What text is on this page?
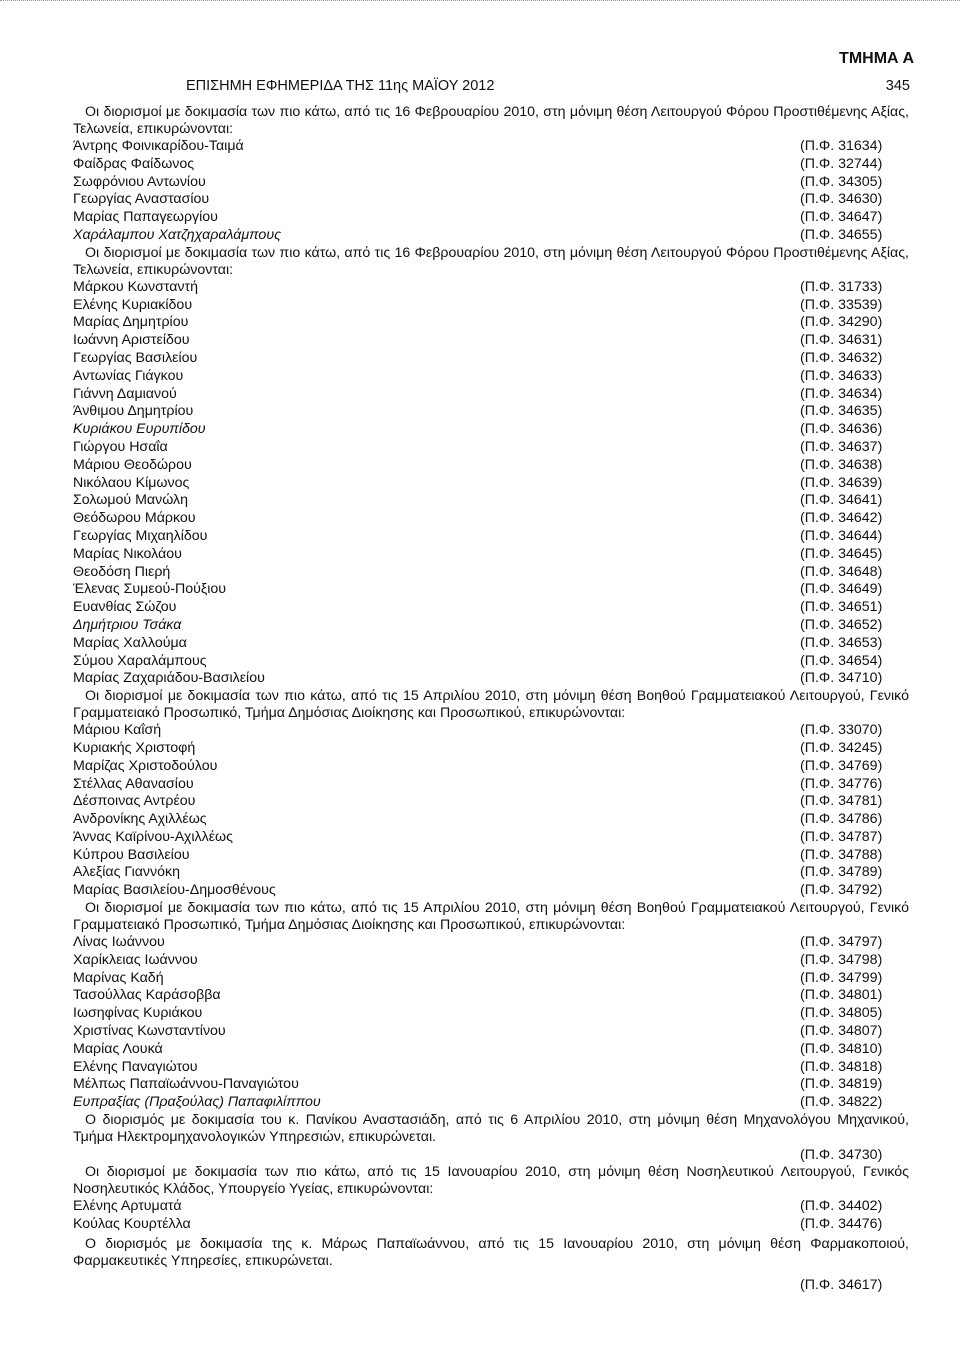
ΤΜΗΜΑ Α
ΕΠΙΣΗΜΗ ΕΦΗΜΕΡΙΔΑ ΤΗΣ 11ης ΜΑΪΟΥ 2012	345
Οι διορισμοί με δοκιμασία των πιο κάτω, από τις 16 Φεβρουαρίου 2010, στη μόνιμη θέση Λειτουργού Φόρου Προστιθέμενης Αξίας, Τελωνεία, επικυρώνονται:
Άντρης Φοινικαρίδου-Ταιμά	(Π.Φ. 31634)
Φαίδρας Φαίδωνος	(Π.Φ. 32744)
Σωφρόνιου Αντωνίου	(Π.Φ. 34305)
Γεωργίας Αναστασίου	(Π.Φ. 34630)
Μαρίας Παπαγεωργίου	(Π.Φ. 34647)
Χαράλαμπου Χατζηχαραλάμπους	(Π.Φ. 34655)
Οι διορισμοί με δοκιμασία των πιο κάτω, από τις 16 Φεβρουαρίου 2010, στη μόνιμη θέση Λειτουργού Φόρου Προστιθέμενης Αξίας, Τελωνεία, επικυρώνονται:
Μάρκου Κωνσταντή	(Π.Φ. 31733)
Ελένης Κυριακίδου	(Π.Φ. 33539)
Μαρίας Δημητρίου	(Π.Φ. 34290)
Ιωάννη Αριστείδου	(Π.Φ. 34631)
Γεωργίας Βασιλείου	(Π.Φ. 34632)
Αντωνίας Γιάγκου	(Π.Φ. 34633)
Γιάννη Δαμιανού	(Π.Φ. 34634)
Άνθιμου Δημητρίου	(Π.Φ. 34635)
Κυριάκου Ευρυπίδου	(Π.Φ. 34636)
Γιώργου Ησαΐα	(Π.Φ. 34637)
Μάριου Θεοδώρου	(Π.Φ. 34638)
Νικόλαου Κίμωνος	(Π.Φ. 34639)
Σολωμού Μανώλη	(Π.Φ. 34641)
Θεόδωρου Μάρκου	(Π.Φ. 34642)
Γεωργίας Μιχαηλίδου	(Π.Φ. 34644)
Μαρίας Νικολάου	(Π.Φ. 34645)
Θεοδόση Πιερή	(Π.Φ. 34648)
Έλενας Συμεού-Πούξιου	(Π.Φ. 34649)
Ευανθίας Σώζου	(Π.Φ. 34651)
Δημήτριου Τσάκα	(Π.Φ. 34652)
Μαρίας Χαλλούμα	(Π.Φ. 34653)
Σύμου Χαραλάμπους	(Π.Φ. 34654)
Μαρίας Ζαχαριάδου-Βασιλείου	(Π.Φ. 34710)
Οι διορισμοί με δοκιμασία των πιο κάτω, από τις 15 Απριλίου 2010, στη μόνιμη θέση Βοηθού Γραμματειακού Λειτουργού, Γενικό Γραμματειακό Προσωπικό, Τμήμα Δημόσιας Διοίκησης και Προσωπικού, επικυρώνονται:
Μάριου Καΐσή	(Π.Φ. 33070)
Κυριακής Χριστοφή	(Π.Φ. 34245)
Μαρίζας Χριστοδούλου	(Π.Φ. 34769)
Στέλλας Αθανασίου	(Π.Φ. 34776)
Δέσποινας Αντρέου	(Π.Φ. 34781)
Ανδρονίκης Αχιλλέως	(Π.Φ. 34786)
Άννας Καϊρίνου-Αχιλλέως	(Π.Φ. 34787)
Κύπρου Βασιλείου	(Π.Φ. 34788)
Αλεξίας Γιαννόκη	(Π.Φ. 34789)
Μαρίας Βασιλείου-Δημοσθένους	(Π.Φ. 34792)
Οι διορισμοί με δοκιμασία των πιο κάτω, από τις 15 Απριλίου 2010, στη μόνιμη θέση Βοηθού Γραμματειακού Λειτουργού, Γενικό Γραμματειακό Προσωπικό, Τμήμα Δημόσιας Διοίκησης και Προσωπικού, επικυρώνονται:
Λίνας Ιωάννου	(Π.Φ. 34797)
Χαρίκλειας Ιωάννου	(Π.Φ. 34798)
Μαρίνας Καδή	(Π.Φ. 34799)
Τασούλλας Καράσοββα	(Π.Φ. 34801)
Ιωσηφίνας Κυριάκου	(Π.Φ. 34805)
Χριστίνας Κωνσταντίνου	(Π.Φ. 34807)
Μαρίας Λουκά	(Π.Φ. 34810)
Ελένης Παναγιώτου	(Π.Φ. 34818)
Μέλπως Παπαϊωάννου-Παναγιώτου	(Π.Φ. 34819)
Ευπραξίας (Πραξούλας) Παπαφιλίππου	(Π.Φ. 34822)
Ο διορισμός με δοκιμασία του κ. Πανίκου Αναστασιάδη, από τις 6 Απριλίου 2010, στη μόνιμη θέση Μηχανολόγου Μηχανικού, Τμήμα Ηλεκτρομηχανολογικών Υπηρεσιών, επικυρώνεται.
(Π.Φ. 34730)
Οι διορισμοί με δοκιμασία των πιο κάτω, από τις 15 Ιανουαρίου 2010, στη μόνιμη θέση Νοσηλευτικού Λειτουργού, Γενικός Νοσηλευτικός Κλάδος, Υπουργείο Υγείας, επικυρώνονται:
Ελένης Αρτυματά	(Π.Φ. 34402)
Κούλας Κουρτέλλα	(Π.Φ. 34476)
Ο διορισμός με δοκιμασία της κ. Μάρως Παπαϊωάννου, από τις 15 Ιανουαρίου 2010, στη μόνιμη θέση Φαρμακοποιού, Φαρμακευτικές Υπηρεσίες, επικυρώνεται.
(Π.Φ. 34617)
